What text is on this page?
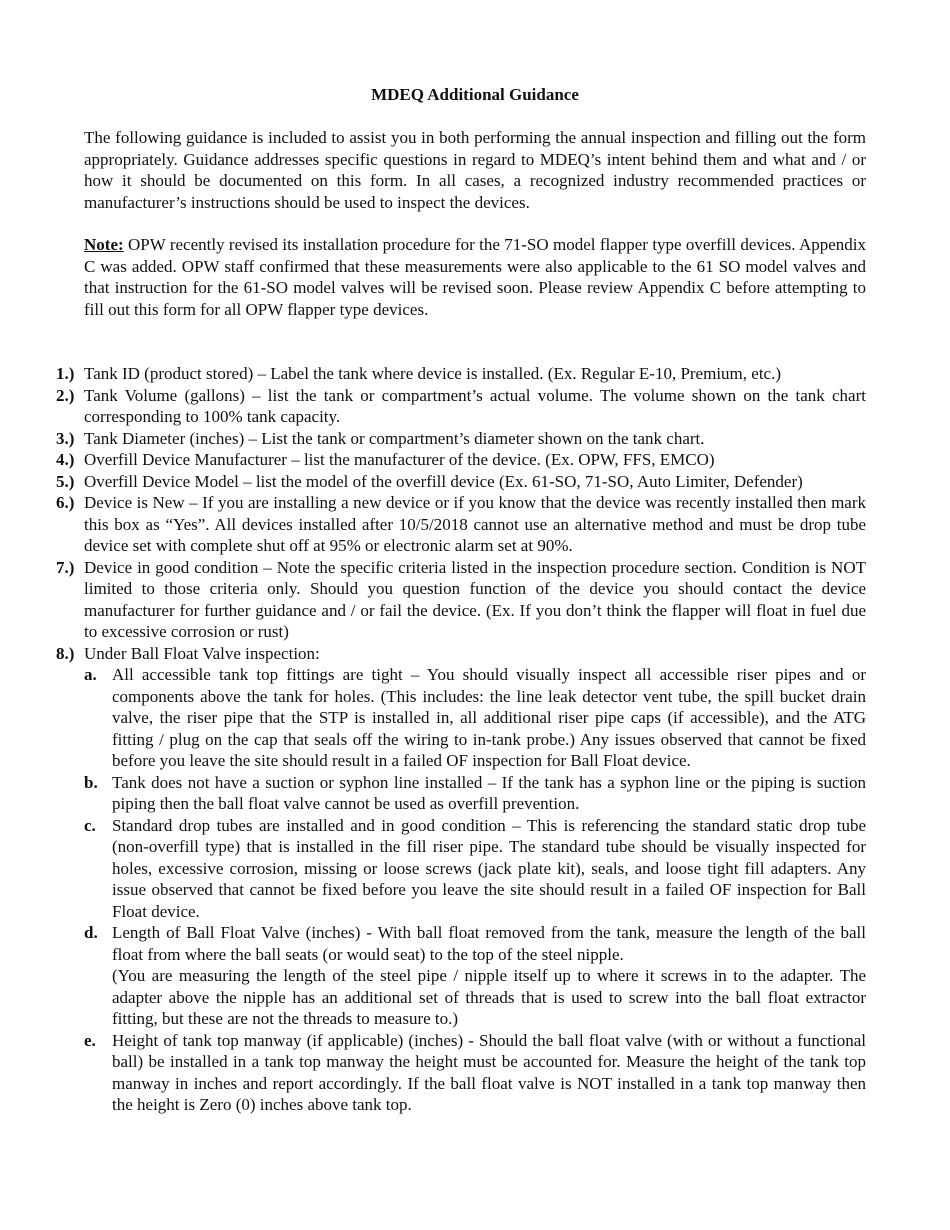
MDEQ Additional Guidance

The following guidance is included to assist you in both performing the annual inspection and filling out the form appropriately. Guidance addresses specific questions in regard to MDEQ’s intent behind them and what and / or how it should be documented on this form. In all cases, a recognized industry recommended practices or manufacturer’s instructions should be used to inspect the devices.

Note: OPW recently revised its installation procedure for the 71-SO model flapper type overfill devices. Appendix C was added. OPW staff confirmed that these measurements were also applicable to the 61 SO model valves and that instruction for the 61-SO model valves will be revised soon. Please review Appendix C before attempting to fill out this form for all OPW flapper type devices.

1.) Tank ID (product stored) – Label the tank where device is installed. (Ex. Regular E-10, Premium, etc.)
2.) Tank Volume (gallons) – list the tank or compartment’s actual volume. The volume shown on the tank chart corresponding to 100% tank capacity.
3.) Tank Diameter (inches) – List the tank or compartment’s diameter shown on the tank chart.
4.) Overfill Device Manufacturer – list the manufacturer of the device. (Ex. OPW, FFS, EMCO)
5.) Overfill Device Model – list the model of the overfill device (Ex. 61-SO, 71-SO, Auto Limiter, Defender)
6.) Device is New – If you are installing a new device or if you know that the device was recently installed then mark this box as “Yes”. All devices installed after 10/5/2018 cannot use an alternative method and must be drop tube device set with complete shut off at 95% or electronic alarm set at 90%.
7.) Device in good condition – Note the specific criteria listed in the inspection procedure section. Condition is NOT limited to those criteria only. Should you question function of the device you should contact the device manufacturer for further guidance and / or fail the device. (Ex. If you don’t think the flapper will float in fuel due to excessive corrosion or rust)
8.) Under Ball Float Valve inspection:
a. All accessible tank top fittings are tight – You should visually inspect all accessible riser pipes and or components above the tank for holes. (This includes: the line leak detector vent tube, the spill bucket drain valve, the riser pipe that the STP is installed in, all additional riser pipe caps (if accessible), and the ATG fitting / plug on the cap that seals off the wiring to in-tank probe.) Any issues observed that cannot be fixed before you leave the site should result in a failed OF inspection for Ball Float device.
b. Tank does not have a suction or syphon line installed – If the tank has a syphon line or the piping is suction piping then the ball float valve cannot be used as overfill prevention.
c. Standard drop tubes are installed and in good condition – This is referencing the standard static drop tube (non-overfill type) that is installed in the fill riser pipe. The standard tube should be visually inspected for holes, excessive corrosion, missing or loose screws (jack plate kit), seals, and loose tight fill adapters. Any issue observed that cannot be fixed before you leave the site should result in a failed OF inspection for Ball Float device.
d. Length of Ball Float Valve (inches) - With ball float removed from the tank, measure the length of the ball float from where the ball seats (or would seat) to the top of the steel nipple.
(You are measuring the length of the steel pipe / nipple itself up to where it screws in to the adapter. The adapter above the nipple has an additional set of threads that is used to screw into the ball float extractor fitting, but these are not the threads to measure to.)
e. Height of tank top manway (if applicable) (inches) - Should the ball float valve (with or without a functional ball) be installed in a tank top manway the height must be accounted for. Measure the height of the tank top manway in inches and report accordingly. If the ball float valve is NOT installed in a tank top manway then the height is Zero (0) inches above tank top.
